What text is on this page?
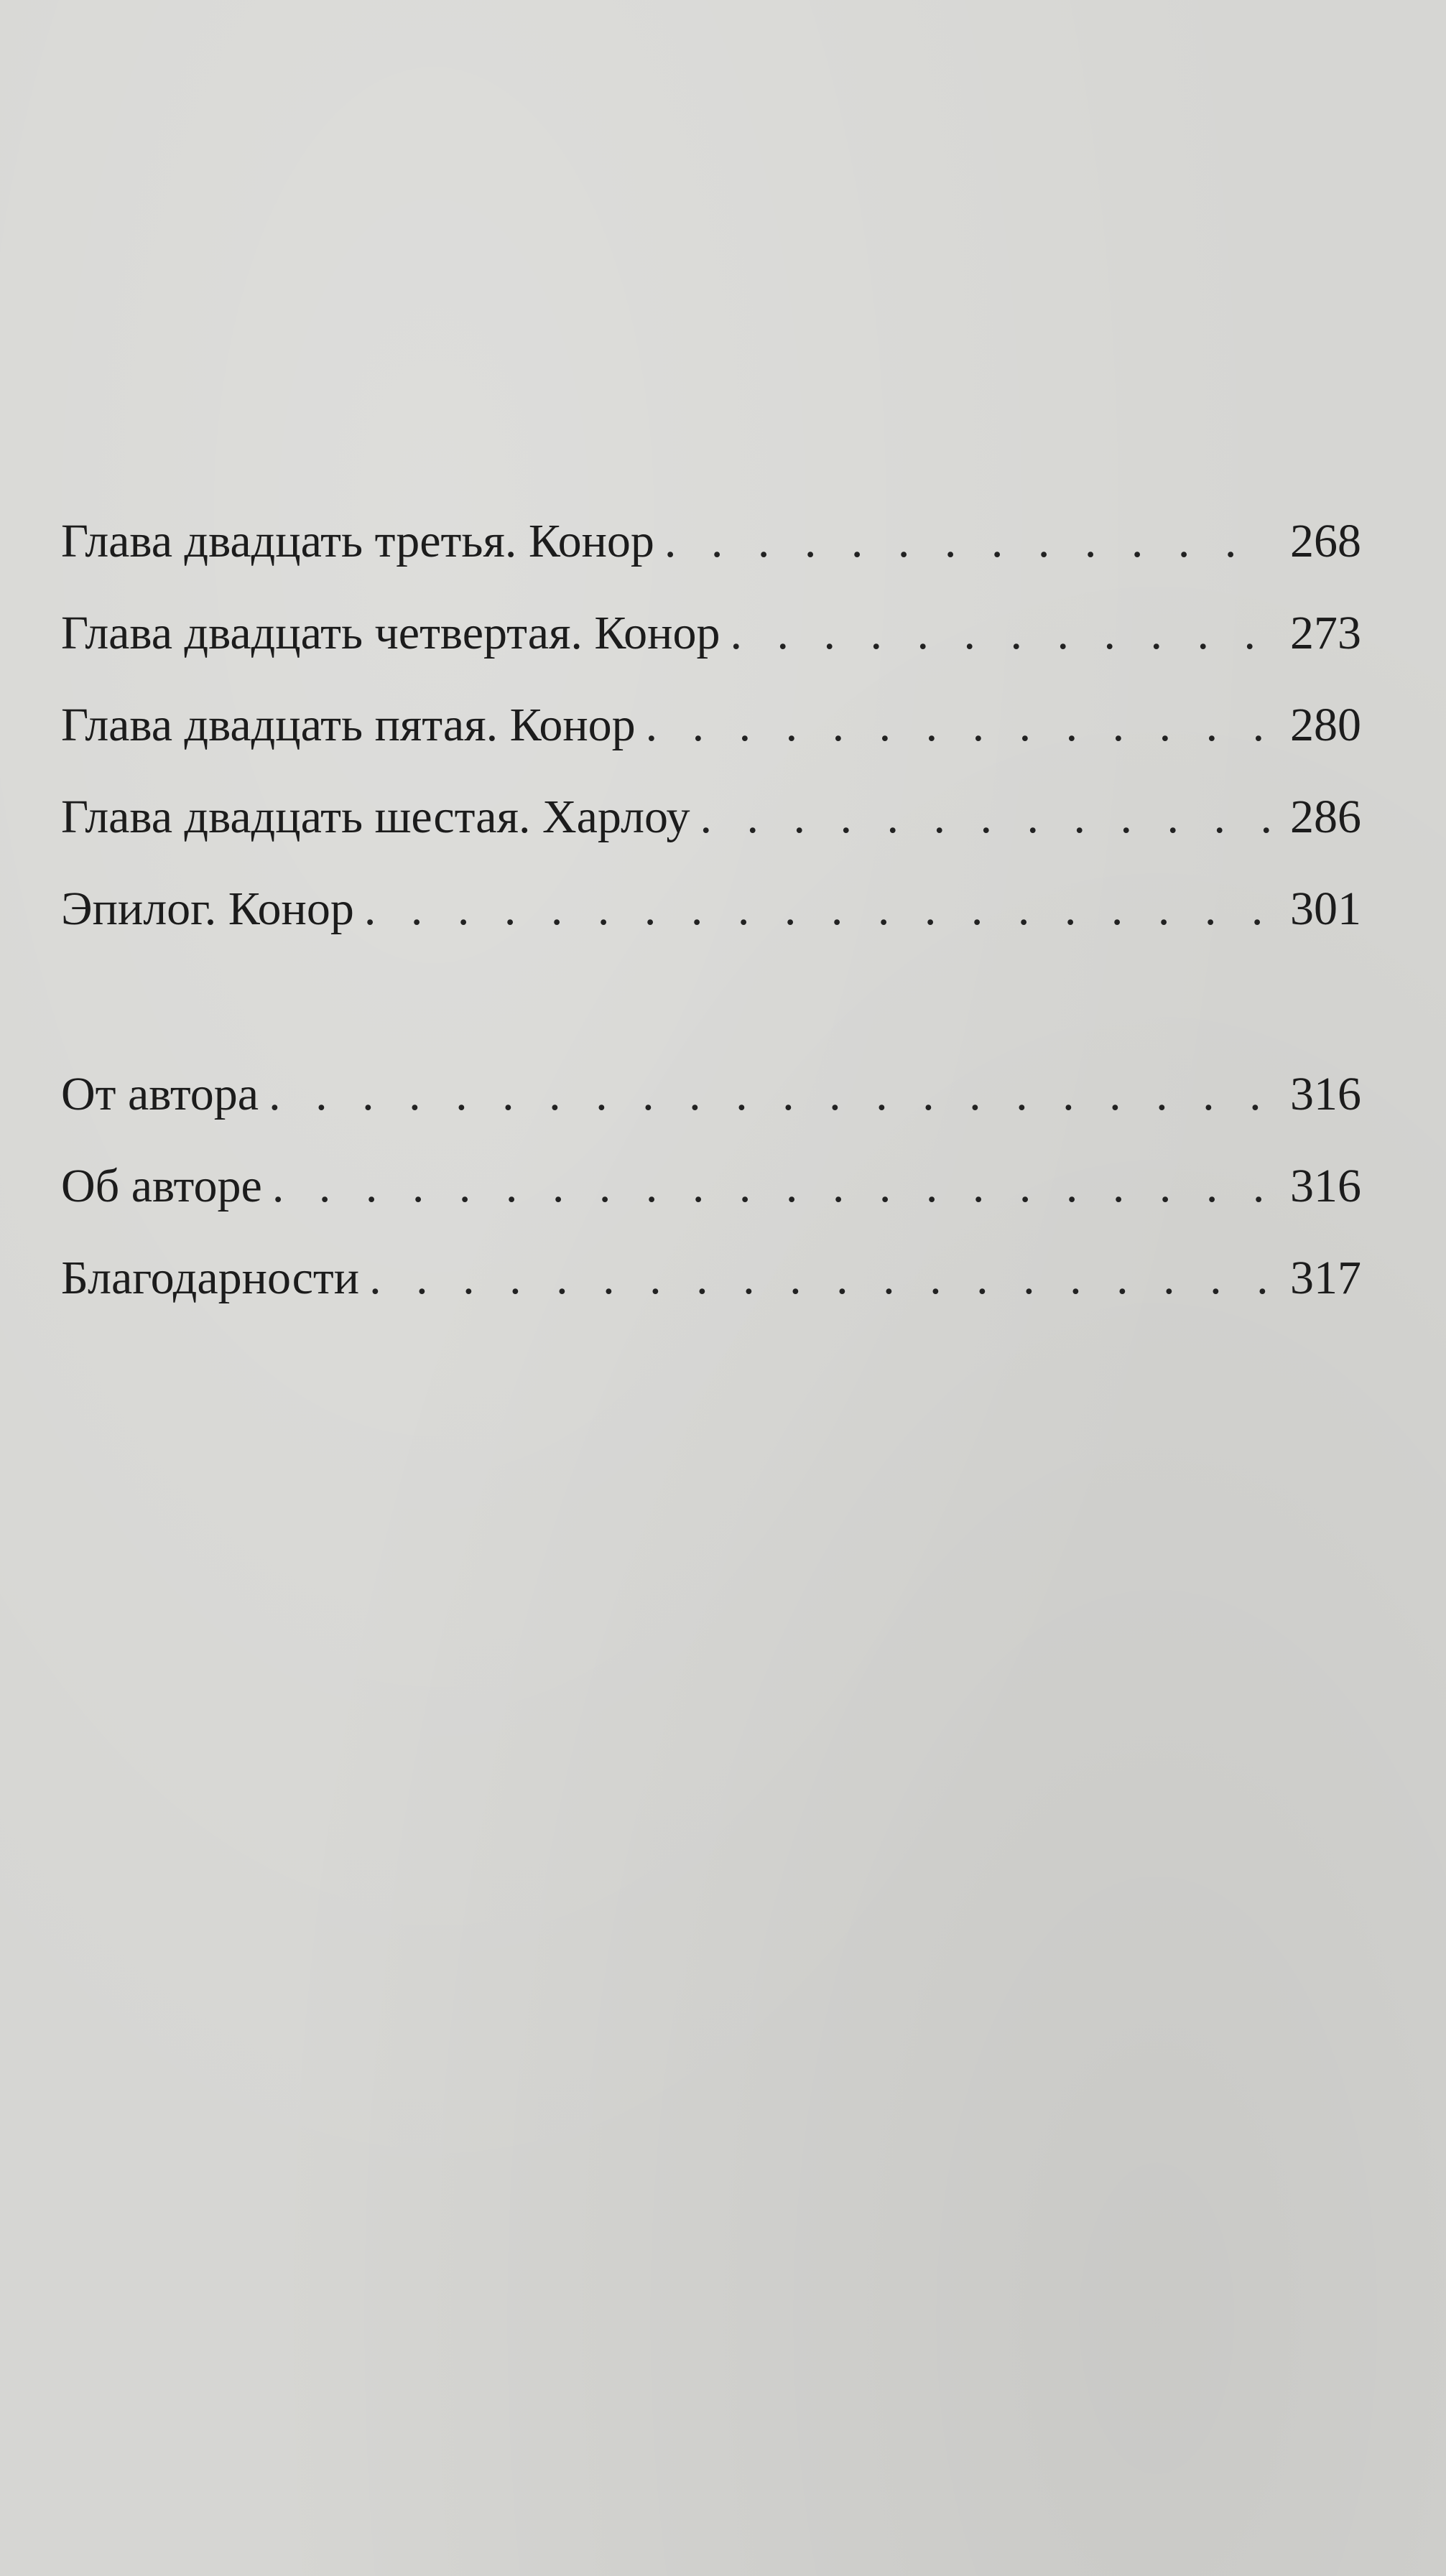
Глава двадцать третья. Конор . . .	268
Глава двадцать четвертая. Конор . . .	273
Глава двадцать пятая. Конор . . .	280
Глава двадцать шестая. Харлоу . . .	286
Эпилог. Конор . . .	301
От автора . . .	316
Об авторе . . .	316
Благодарности . . .	317
